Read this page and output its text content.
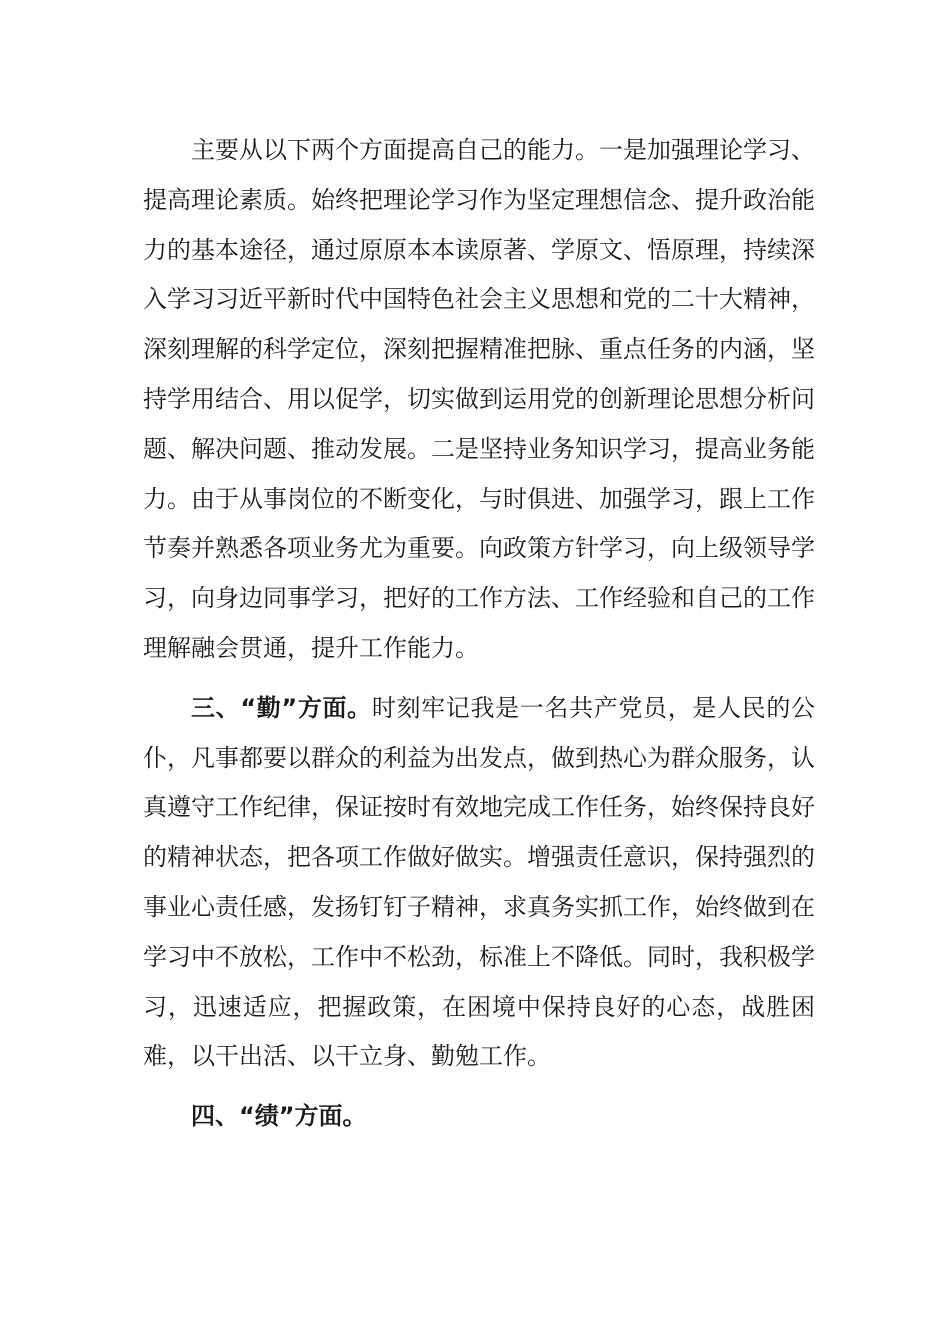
主要从以下两个方面提高自己的能力。一是加强理论学习、提高理论素质。始终把理论学习作为坚定理想信念、提升政治能力的基本途径，通过原原本本读原著、学原文、悟原理，持续深入学习习近平新时代中国特色社会主义思想和党的二十大精神，深刻理解的科学定位，深刻把握精准把脉、重点任务的内涵，坚持学用结合、用以促学，切实做到运用党的创新理论思想分析问题、解决问题、推动发展。二是坚持业务知识学习，提高业务能力。由于从事岗位的不断变化，与时俱进、加强学习，跟上工作节奏并熟悉各项业务尤为重要。向政策方针学习，向上级领导学习，向身边同事学习，把好的工作方法、工作经验和自己的工作理解融会贯通，提升工作能力。

三、“勤”方面。时刻牢记我是一名共产党员，是人民的公仆，凡事都要以群众的利益为出发点，做到热心为群众服务，认真遵守工作纪律，保证按时有效地完成工作任务，始终保持良好的精神状态，把各项工作做好做实。增强责任意识，保持强烈的事业心责任感，发扬钉钉子精神，求真务实抓工作，始终做到在学习中不放松，工作中不松劲，标准上不降低。同时，我积极学习，迅速适应，把握政策，在困境中保持良好的心态，战胜困难，以干出活、以干立身、勤勉工作。

四、“绩”方面。
